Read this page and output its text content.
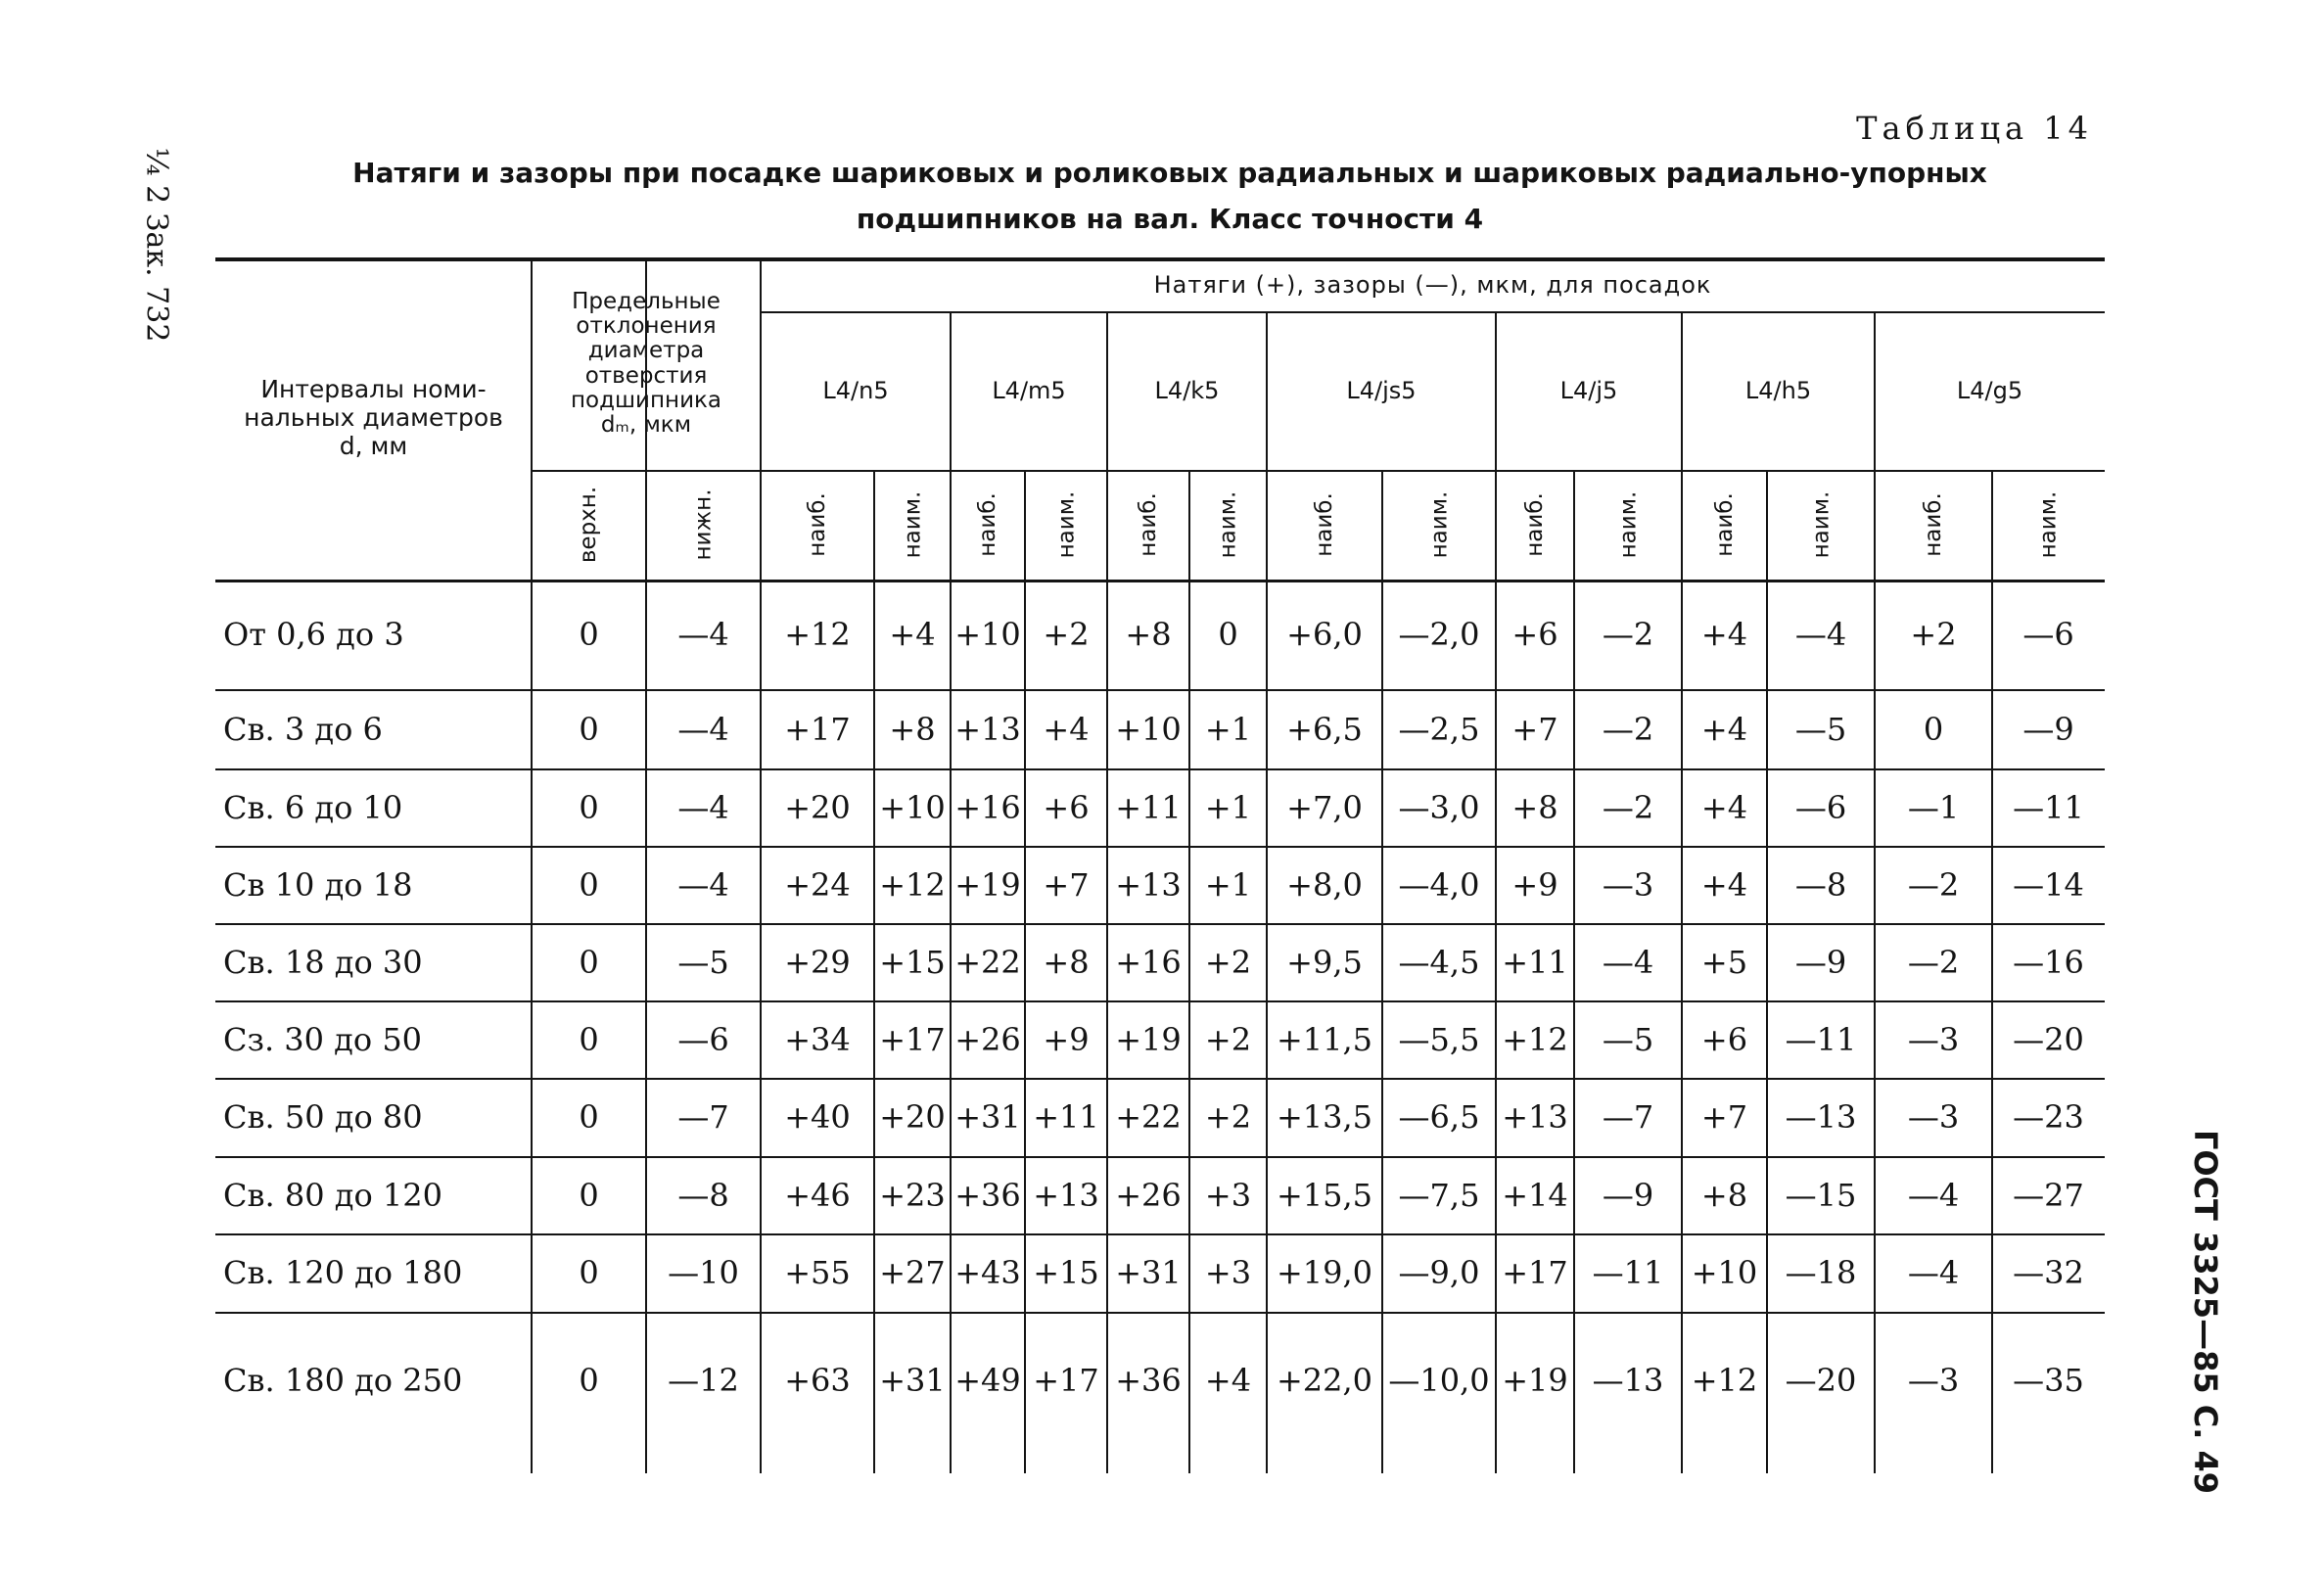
¼ 2 Зак. 732
ГОСТ 3325—85 С. 49
Таблица 14
Натяги и зазоры при посадке шариковых и роликовых радиальных и шариковых радиально-упорных
подшипников на вал. Класс точности 4
Интервалы номи-
нальных диаметров
d, мм
Предельные
отклонения
диаметра
отверстия
подшипника
dₘ, мкм
Натяги (+), зазоры (—), мкм, для посадок
верхн.	нижн.
L4/n5
наиб.	наим.
L4/m5
наиб. наим.
L4/k5
наиб. наим.
L4/js5
наиб.	наим.
L4/j5
наиб.	наим.
L4/h5
наиб.	наим.
L4/g5
наиб.	наим.
От 0,6 до 3	0	—4	+12	+4 +10 +2	+8	0	+6,0	—2,0	+6	—2	+4	—4	+2	—6
Св. 3 до 6	0	—4	+17	+8 +13 +4 +10 +1	+6,5	—2,5	+7	—2	+4	—5	0	—9
Св. 6 до 10	0	—4	+20 +10 +16 +6 +11 +1	+7,0	—3,0	+8	—2	+4	—6	—1	—11
Св 10 до 18	0	—4	+24 +12 +19 +7 +13 +1	+8,0	—4,0	+9	—3	+4	—8	—2	—14
Св. 18 до 30	0	—5	+29 +15 +22 +8 +16 +2	+9,5	—4,5 +11	—4	+5	—9	—2	—16
Сз. 30 до 50	0	—6	+34 +17 +26 +9 +19 +2 +11,5 —5,5 +12	—5	+6	—11	—3	—20
Св. 50 до 80	0	—7	+40 +20 +31 +11 +22 +2 +13,5 —6,5 +13	—7	+7	—13	—3	—23
Св. 80 до 120	0	—8	+46 +23 +36 +13 +26 +3 +15,5 —7,5 +14	—9	+8	—15	—4	—27
Св. 120 до 180	0	—10	+55 +27 +43 +15 +31 +3 +19,0 —9,0 +17 —11 +10 —18	—4	—32
Св. 180 до 250	0	—12	+63 +31 +49 +17 +36 +4 +22,0 —10,0 +19 —13 +12 —20	—3	—35
